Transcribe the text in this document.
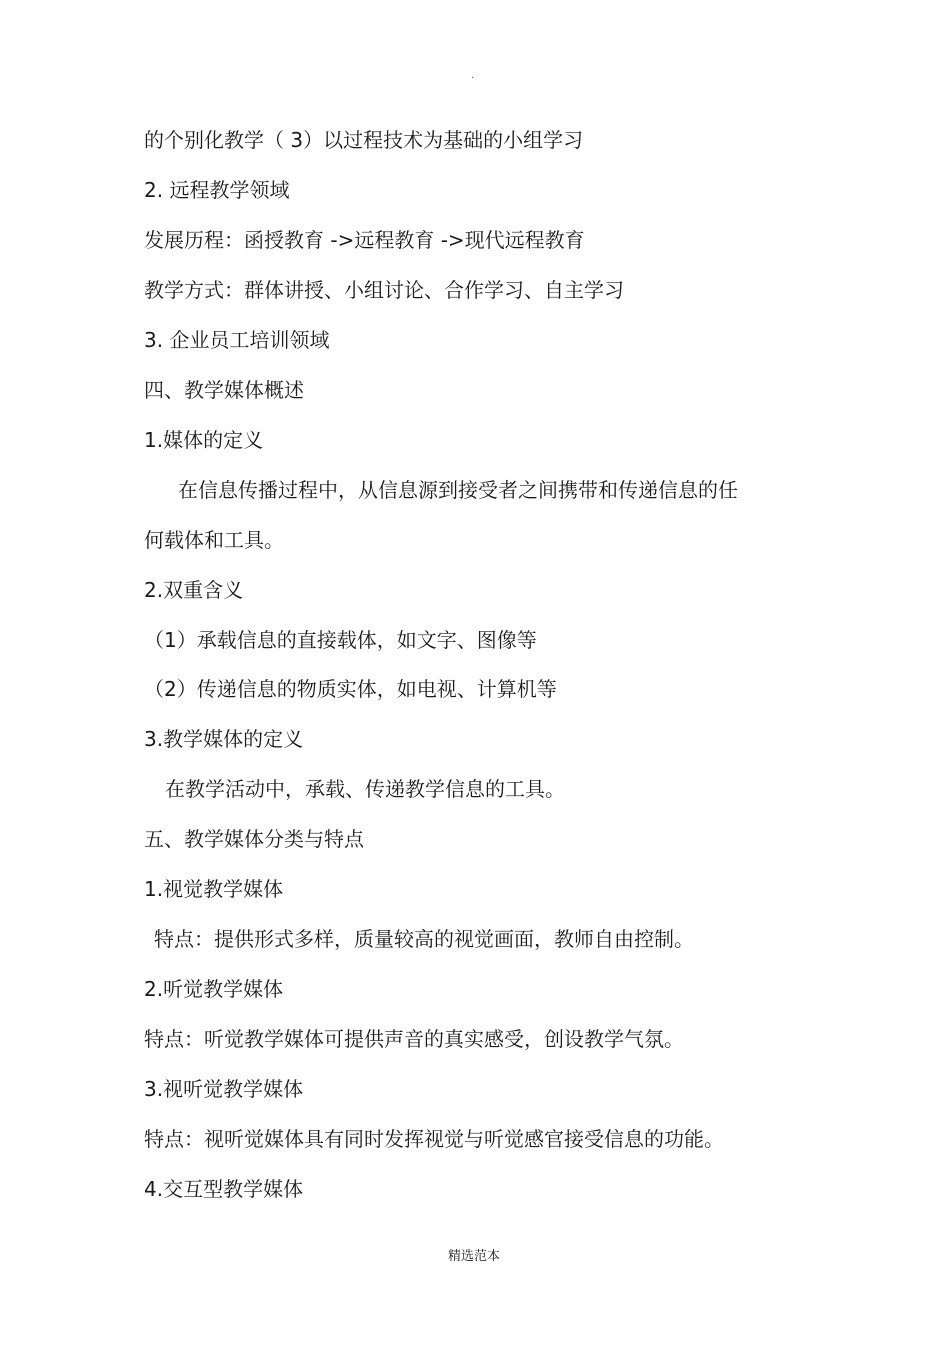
.
的个别化教学（ 3）以过程技术为基础的小组学习
2. 远程教学领域
发展历程：函授教育 ->远程教育 ->现代远程教育
教学方式：群体讲授、小组讨论、合作学习、自主学习
3. 企业员工培训领域
四、教学媒体概述
1.媒体的定义
在信息传播过程中，从信息源到接受者之间携带和传递信息的任
何载体和工具。
2.双重含义
（1）承载信息的直接载体，如文字、图像等
（2）传递信息的物质实体，如电视、计算机等
3.教学媒体的定义
在教学活动中，承载、传递教学信息的工具。
五、教学媒体分类与特点
1.视觉教学媒体
特点：提供形式多样，质量较高的视觉画面，教师自由控制。
2.听觉教学媒体
特点：听觉教学媒体可提供声音的真实感受，创设教学气氛。
3.视听觉教学媒体
特点：视听觉媒体具有同时发挥视觉与听觉感官接受信息的功能。
4.交互型教学媒体
精选范本
